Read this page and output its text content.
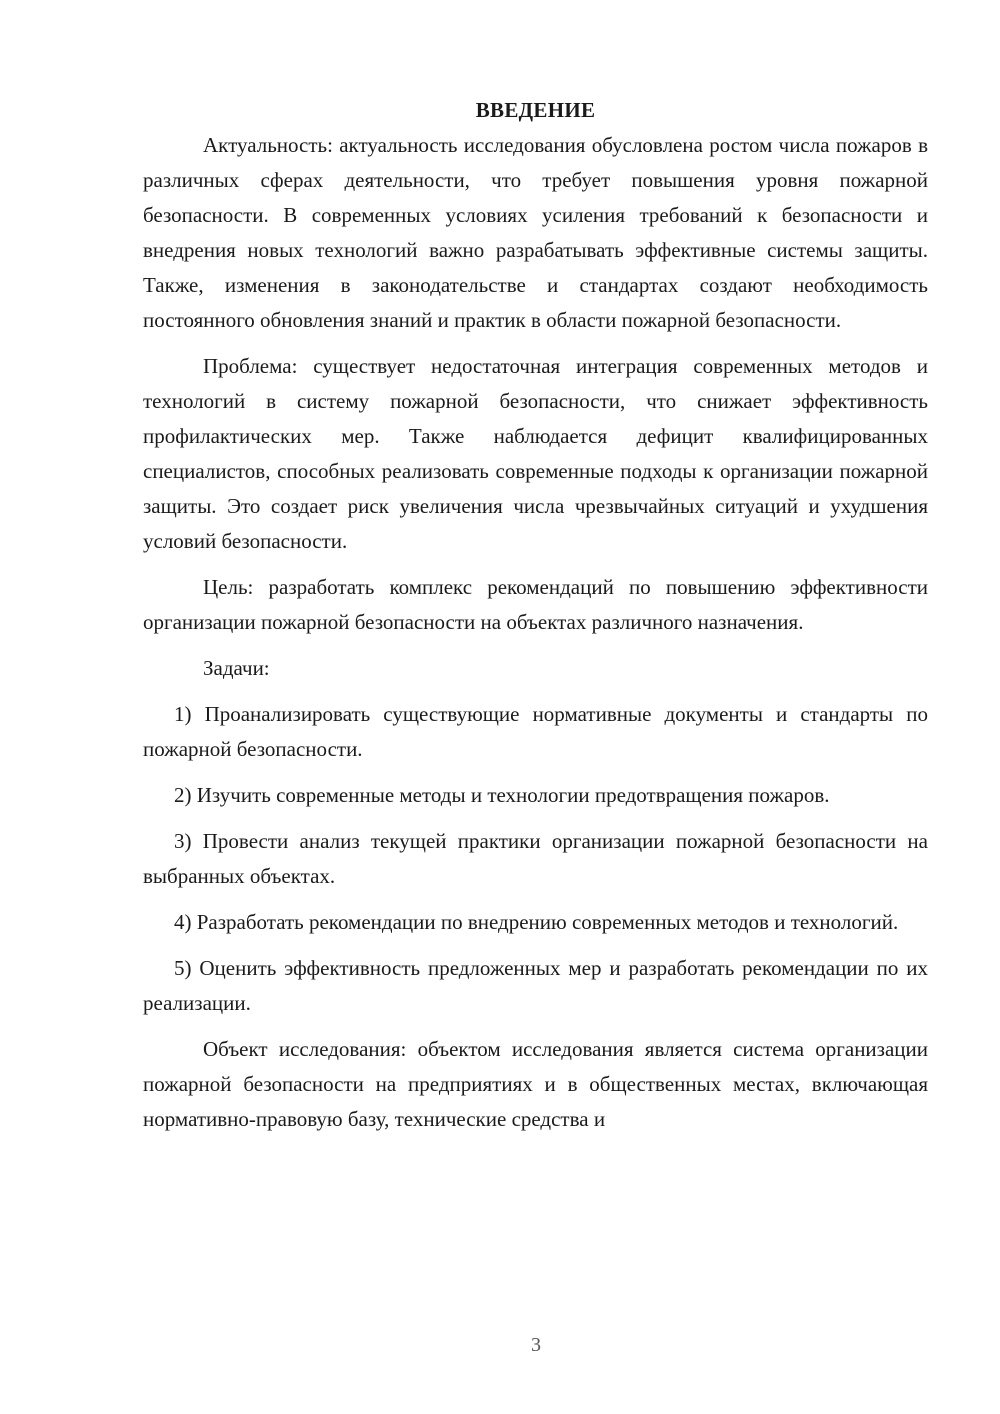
ВВЕДЕНИЕ

Актуальность: актуальность исследования обусловлена ростом числа пожаров в различных сферах деятельности, что требует повышения уровня пожарной безопасности. В современных условиях усиления требований к безопасности и внедрения новых технологий важно разрабатывать эффективные системы защиты. Также, изменения в законодательстве и стандартах создают необходимость постоянного обновления знаний и практик в области пожарной безопасности.

Проблема: существует недостаточная интеграция современных методов и технологий в систему пожарной безопасности, что снижает эффективность профилактических мер. Также наблюдается дефицит квалифицированных специалистов, способных реализовать современные подходы к организации пожарной защиты. Это создает риск увеличения числа чрезвычайных ситуаций и ухудшения условий безопасности.

Цель: разработать комплекс рекомендаций по повышению эффективности организации пожарной безопасности на объектах различного назначения.

Задачи:

1) Проанализировать существующие нормативные документы и стандарты по пожарной безопасности.

2) Изучить современные методы и технологии предотвращения пожаров.

3) Провести анализ текущей практики организации пожарной безопасности на выбранных объектах.

4) Разработать рекомендации по внедрению современных методов и технологий.

5) Оценить эффективность предложенных мер и разработать рекомендации по их реализации.

Объект исследования: объектом исследования является система организации пожарной безопасности на предприятиях и в общественных местах, включающая нормативно-правовую базу, технические средства и

3
